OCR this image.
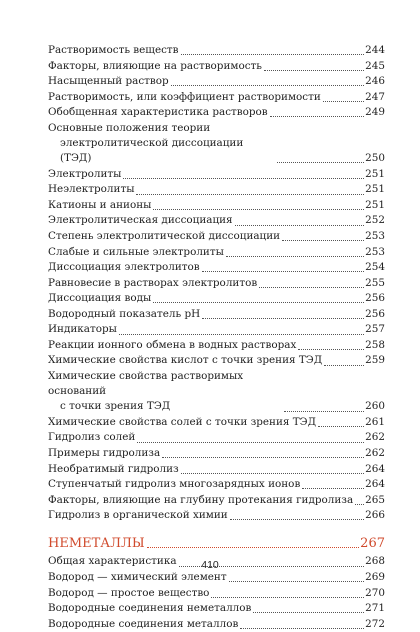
Растворимость веществ	244
Факторы, влияющие на растворимость	245
Насыщенный раствор	246
Растворимость, или коэффициент растворимости	247
Обобщенная характеристика растворов	249
Основные положения теории
электролитической диссоциации (ТЭД)	250
Электролиты	251
Неэлектролиты	251
Катионы и анионы	251
Электролитическая диссоциация	252
Степень электролитической диссоциации	253
Слабые и сильные электролиты	253
Диссоциация электролитов	254
Равновесие в растворах электролитов	255
Диссоциация воды	256
Водородный показатель pH	256
Индикаторы	257
Реакции ионного обмена в водных растворах	258
Химические свойства кислот с точки зрения ТЭД	259
Химические свойства растворимых оснований
с точки зрения ТЭД	260
Химические свойства солей с точки зрения ТЭД	261
Гидролиз солей	262
Примеры гидролиза	262
Необратимый гидролиз	264
Ступенчатый гидролиз многозарядных ионов	264
Факторы, влияющие на глубину протекания гидролиза 265
Гидролиз в органической химии	266
НЕМЕТАЛЛЫ	267
Общая характеристика	268
Водород — химический элемент	269
Водород — простое вещество	270
Водородные соединения неметаллов	271
Водородные соединения металлов	272
410
